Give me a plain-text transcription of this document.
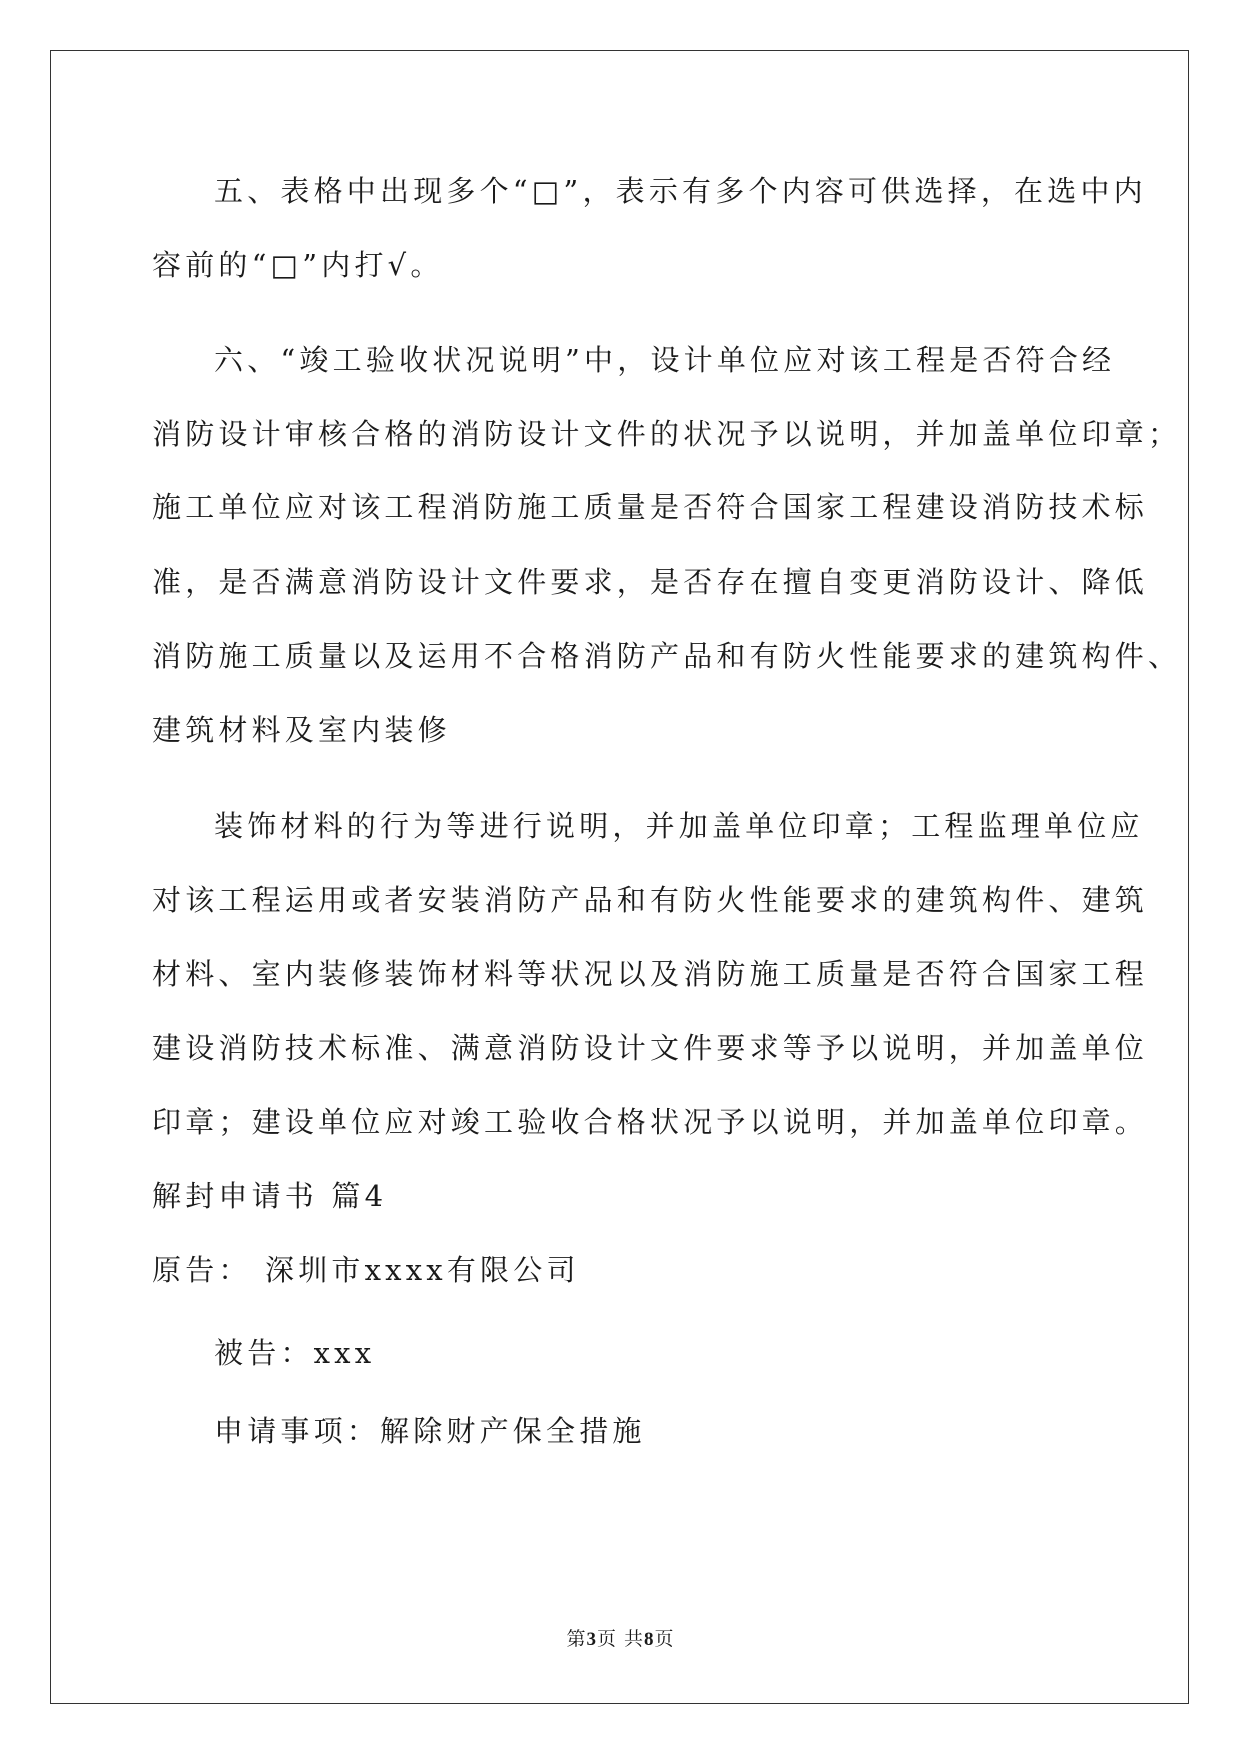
五、表格中出现多个“□”，表示有多个内容可供选择，在选中内
容前的“□”内打√。
六、“竣工验收状况说明”中，设计单位应对该工程是否符合经
消防设计审核合格的消防设计文件的状况予以说明，并加盖单位印章；
施工单位应对该工程消防施工质量是否符合国家工程建设消防技术标
准，是否满意消防设计文件要求，是否存在擅自变更消防设计、降低
消防施工质量以及运用不合格消防产品和有防火性能要求的建筑构件、
建筑材料及室内装修
装饰材料的行为等进行说明，并加盖单位印章；工程监理单位应
对该工程运用或者安装消防产品和有防火性能要求的建筑构件、建筑
材料、室内装修装饰材料等状况以及消防施工质量是否符合国家工程
建设消防技术标准、满意消防设计文件要求等予以说明，并加盖单位
印章；建设单位应对竣工验收合格状况予以说明，并加盖单位印章。
解封申请书 篇4
原告： 深圳市xxxx有限公司
被告：xxx
申请事项：解除财产保全措施
第3页 共8页
